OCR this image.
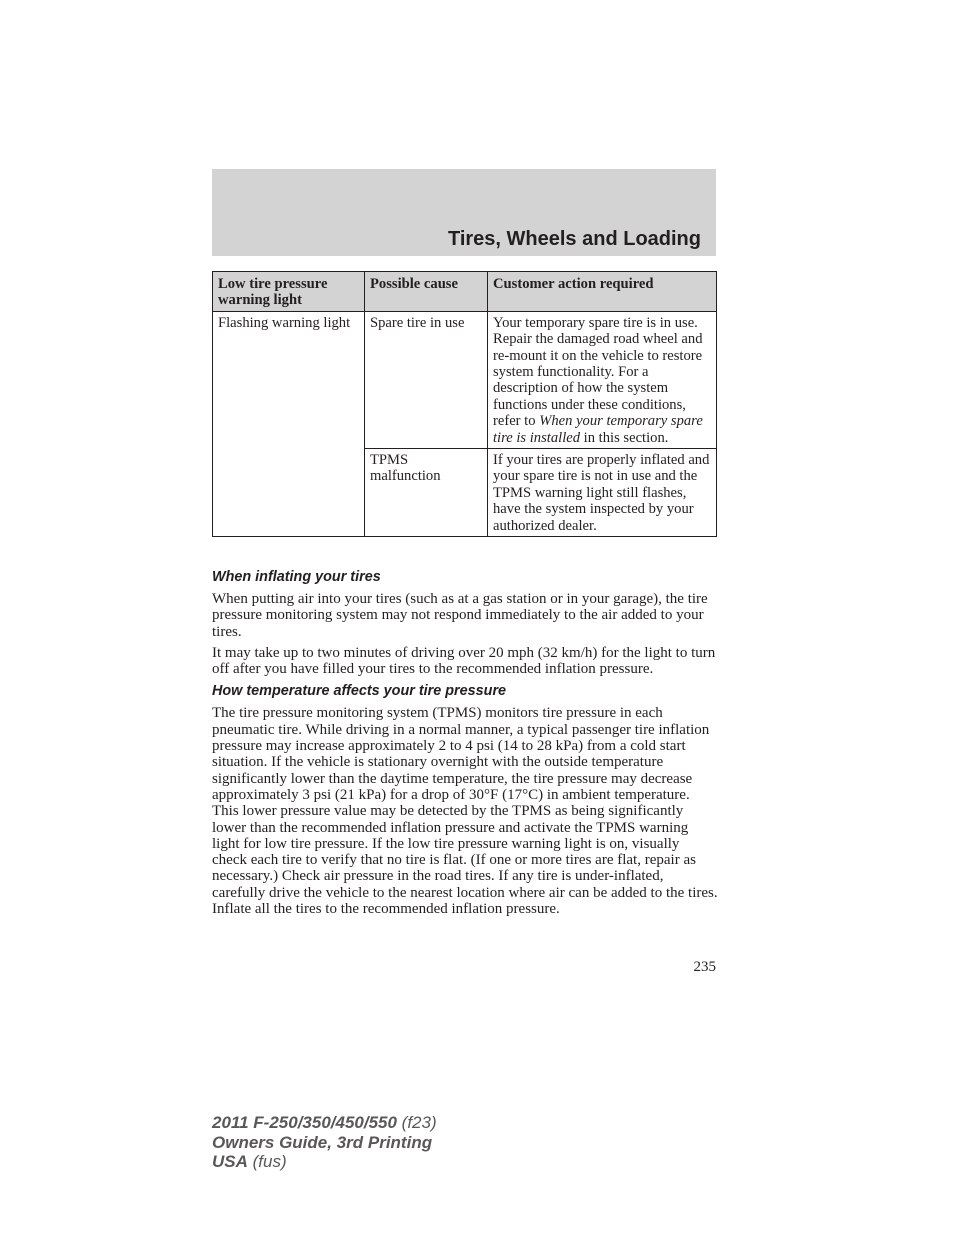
Tires, Wheels and Loading
Low tire pressure warning light	Possible cause	Customer action required
Flashing warning light	Spare tire in use	Your temporary spare tire is in use. Repair the damaged road wheel and re-mount it on the vehicle to restore system functionality. For a description of how the system functions under these conditions, refer to When your temporary spare tire is installed in this section.
	TPMS malfunction	If your tires are properly inflated and your spare tire is not in use and the TPMS warning light still flashes, have the system inspected by your authorized dealer.
When inflating your tires

When putting air into your tires (such as at a gas station or in your garage), the tire pressure monitoring system may not respond immediately to the air added to your tires.

It may take up to two minutes of driving over 20 mph (32 km/h) for the light to turn off after you have filled your tires to the recommended inflation pressure.

How temperature affects your tire pressure

The tire pressure monitoring system (TPMS) monitors tire pressure in each pneumatic tire. While driving in a normal manner, a typical passenger tire inflation pressure may increase approximately 2 to 4 psi (14 to 28 kPa) from a cold start situation. If the vehicle is stationary overnight with the outside temperature significantly lower than the daytime temperature, the tire pressure may decrease approximately 3 psi (21 kPa) for a drop of 30°F (17°C) in ambient temperature. This lower pressure value may be detected by the TPMS as being significantly lower than the recommended inflation pressure and activate the TPMS warning light for low tire pressure. If the low tire pressure warning light is on, visually check each tire to verify that no tire is flat. (If one or more tires are flat, repair as necessary.) Check air pressure in the road tires. If any tire is under-inflated, carefully drive the vehicle to the nearest location where air can be added to the tires. Inflate all the tires to the recommended inflation pressure.

235

2011 F-250/350/450/550 (f23)
Owners Guide, 3rd Printing
USA (fus)
